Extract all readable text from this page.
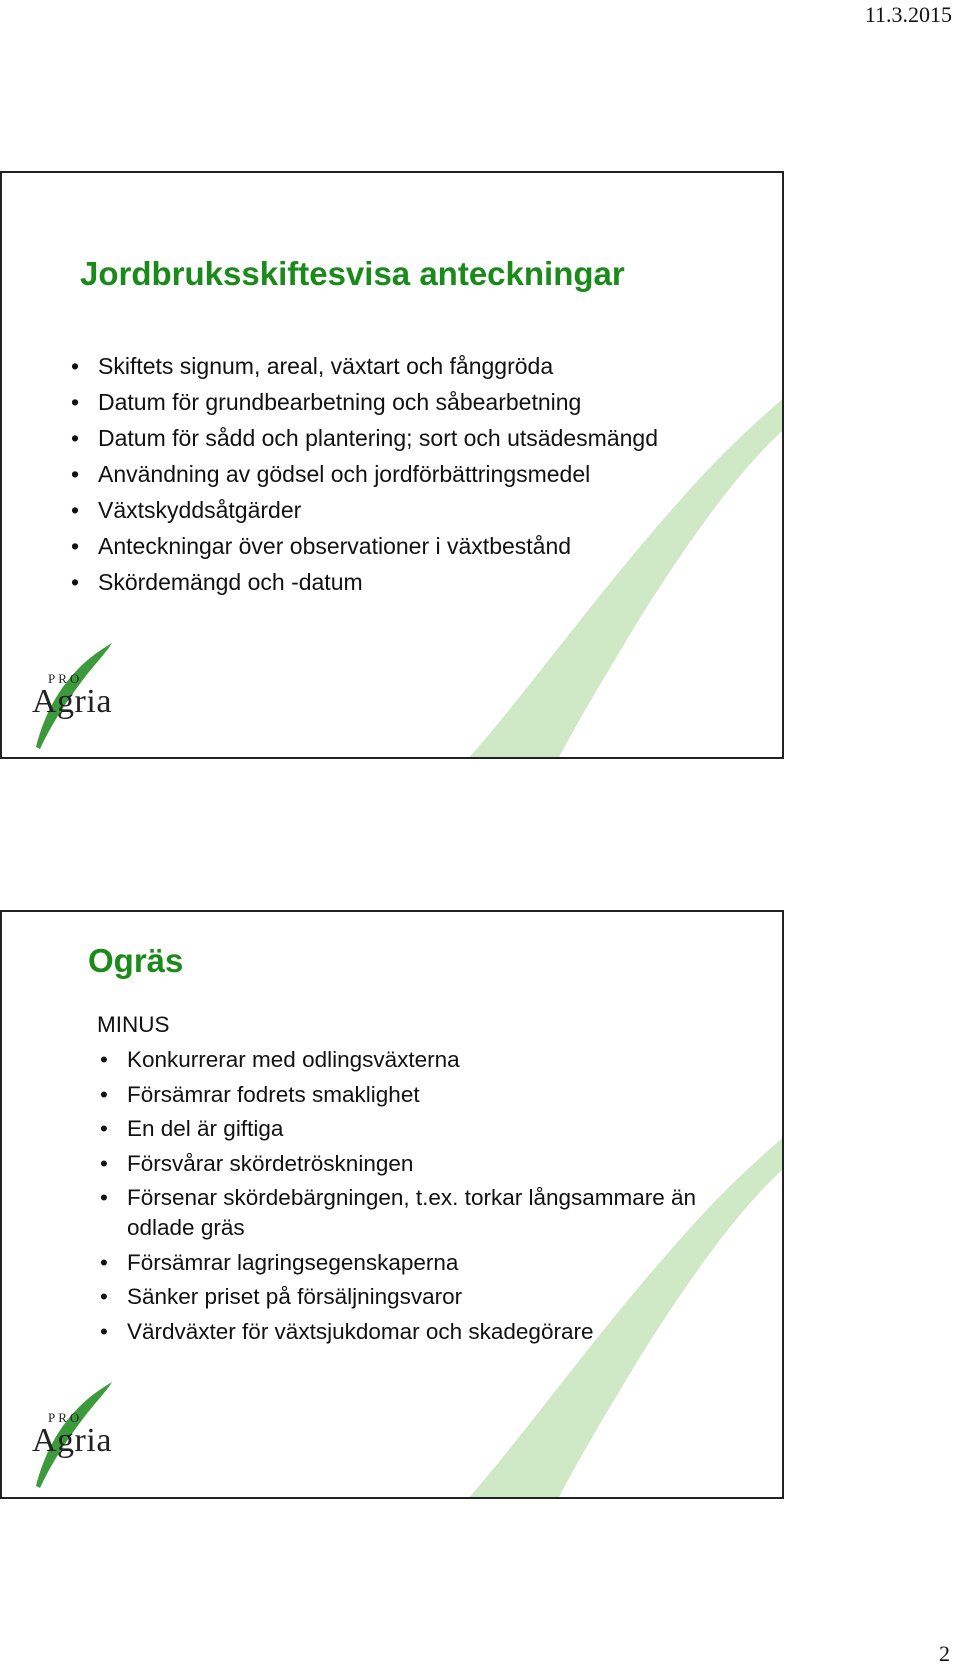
11.3.2015
Jordbruksskiftesvisa anteckningar
• Skiftets signum, areal, växtart och fånggröda
• Datum för grundbearbetning och såbearbetning
• Datum för sådd och plantering; sort och utsädesmängd
• Användning av gödsel och jordförbättringsmedel
• Växtskyddsåtgärder
• Anteckningar över observationer i växtbestånd
• Skördemängd och -datum
PRO
Agria
Ogräs
MINUS
• Konkurrerar med odlingsväxterna
• Försämrar fodrets smaklighet
• En del är giftiga
• Försvårar skördetröskningen
• Försenar skördebärgningen, t.ex. torkar långsammare än odlade gräs
• Försämrar lagringsegenskaperna
• Sänker priset på försäljningsvaror
• Värdväxter för växtsjukdomar och skadegörare
PRO
Agria
2
